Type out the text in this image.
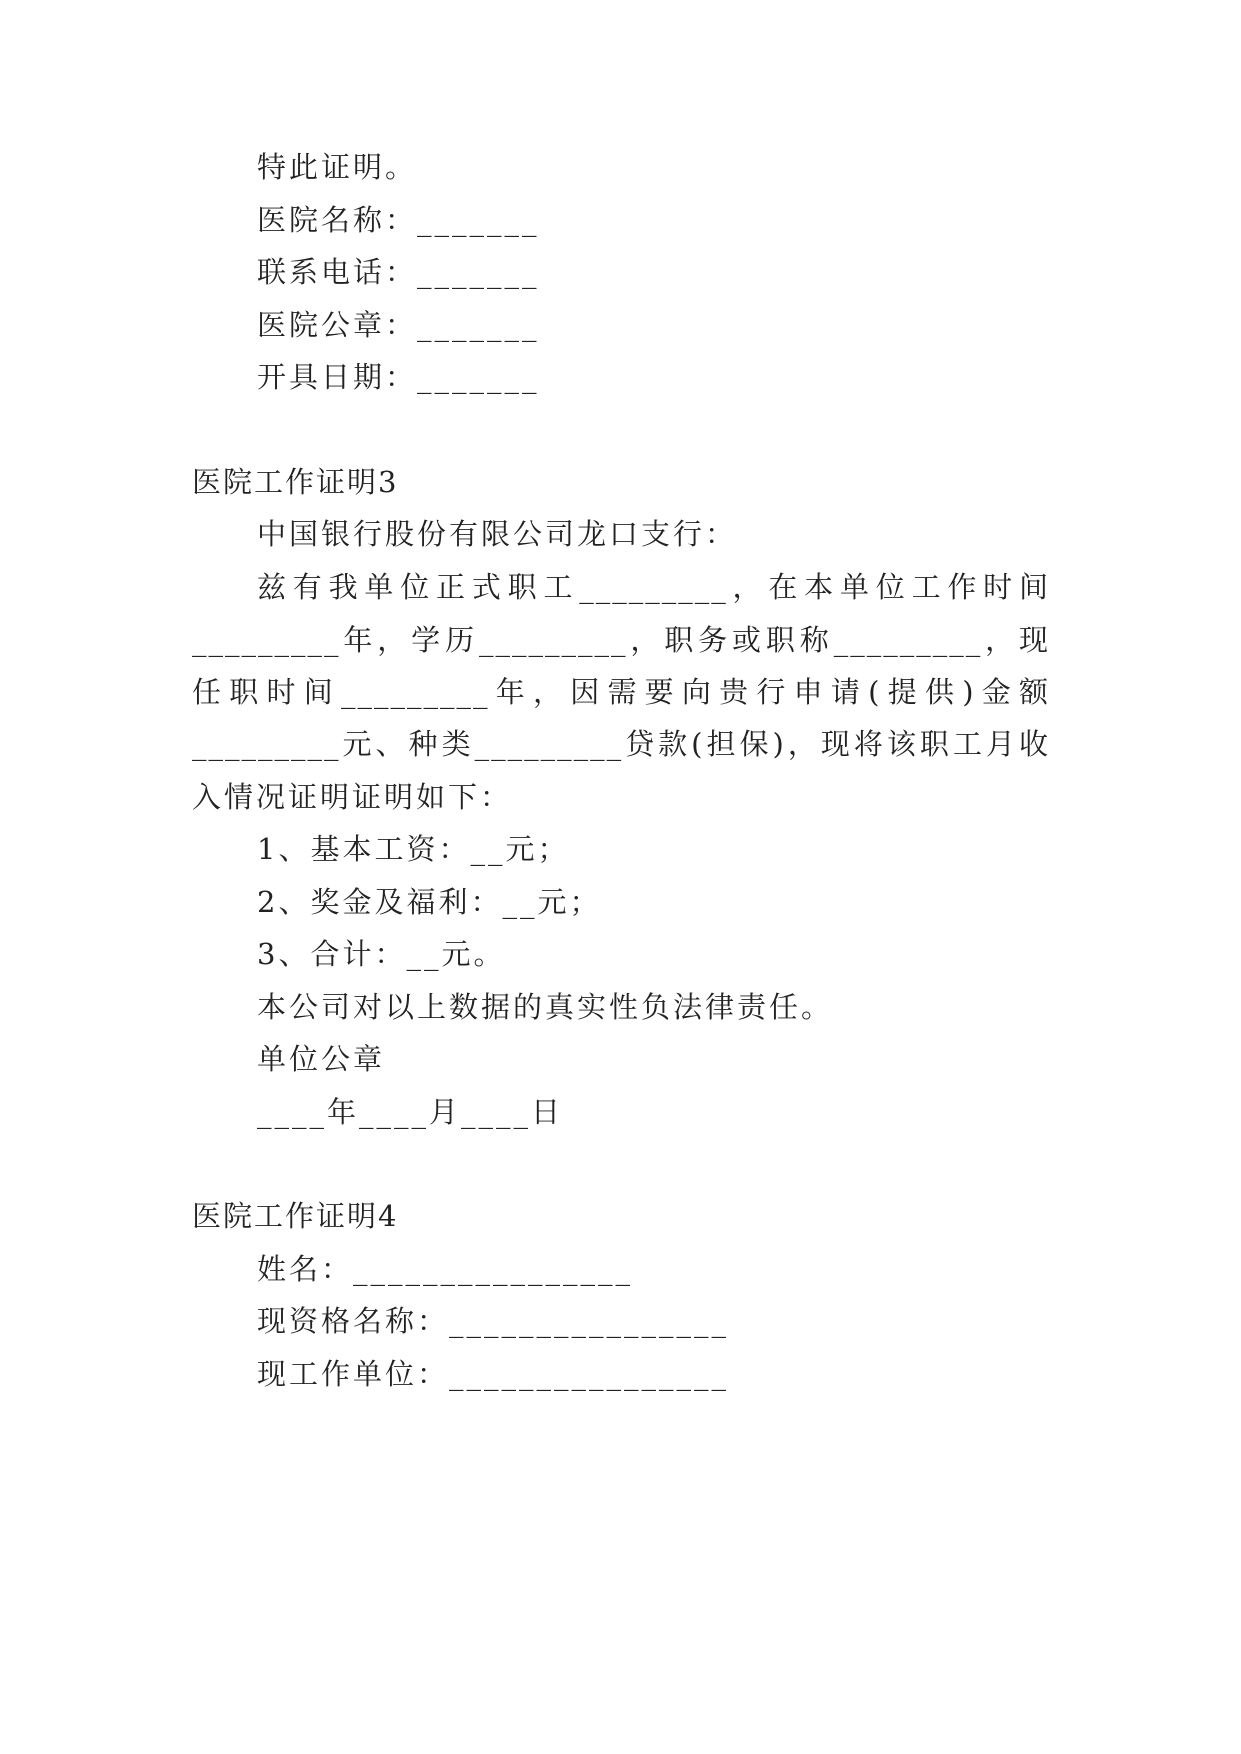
特此证明。
医院名称：_______
联系电话：_______
医院公章：_______
开具日期：_______
医院工作证明3
中国银行股份有限公司龙口支行：
兹有我单位正式职工_________，在本单位工作时间
_________年，学历_________，职务或职称_________，现
任职时间_________年，因需要向贵行申请(提供)金额
_________元、种类_________贷款(担保)，现将该职工月收
入情况证明证明如下：
1、基本工资：__元；
2、奖金及福利：__元；
3、合计：__元。
本公司对以上数据的真实性负法律责任。
单位公章
____年____月____日
医院工作证明4
姓名：________________
现资格名称：________________
现工作单位：________________
